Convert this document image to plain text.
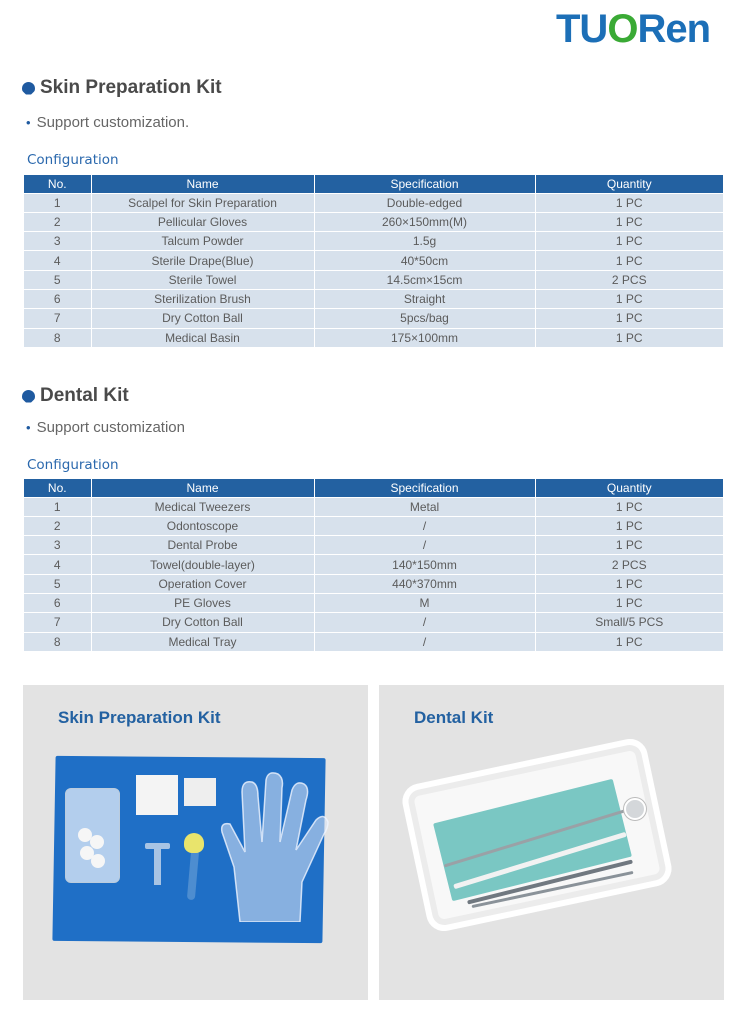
TU O Ren
Skin Preparation Kit
• Support customization.
Configuration
No.	Name	Specification	Quantity
1	Scalpel for Skin Preparation	Double-edged	1 PC
2	Pellicular Gloves	260×150mm(M)	1 PC
3	Talcum Powder	1.5g	1 PC
4	Sterile Drape(Blue)	40*50cm	1 PC
5	Sterile Towel	14.5cm×15cm	2 PCS
6	Sterilization Brush	Straight	1 PC
7	Dry Cotton Ball	5pcs/bag	1 PC
8	Medical Basin	175×100mm	1 PC
Dental Kit
• Support customization
Configuration
No.	Name	Specification	Quantity
1	Medical Tweezers	Metal	1 PC
2	Odontoscope	/	1 PC
3	Dental Probe	/	1 PC
4	Towel(double-layer)	140*150mm	2 PCS
5	Operation Cover	440*370mm	1 PC
6	PE Gloves	M	1 PC
7	Dry Cotton Ball	/	Small/5 PCS
8	Medical Tray	/	1 PC
Skin Preparation Kit	Dental Kit
